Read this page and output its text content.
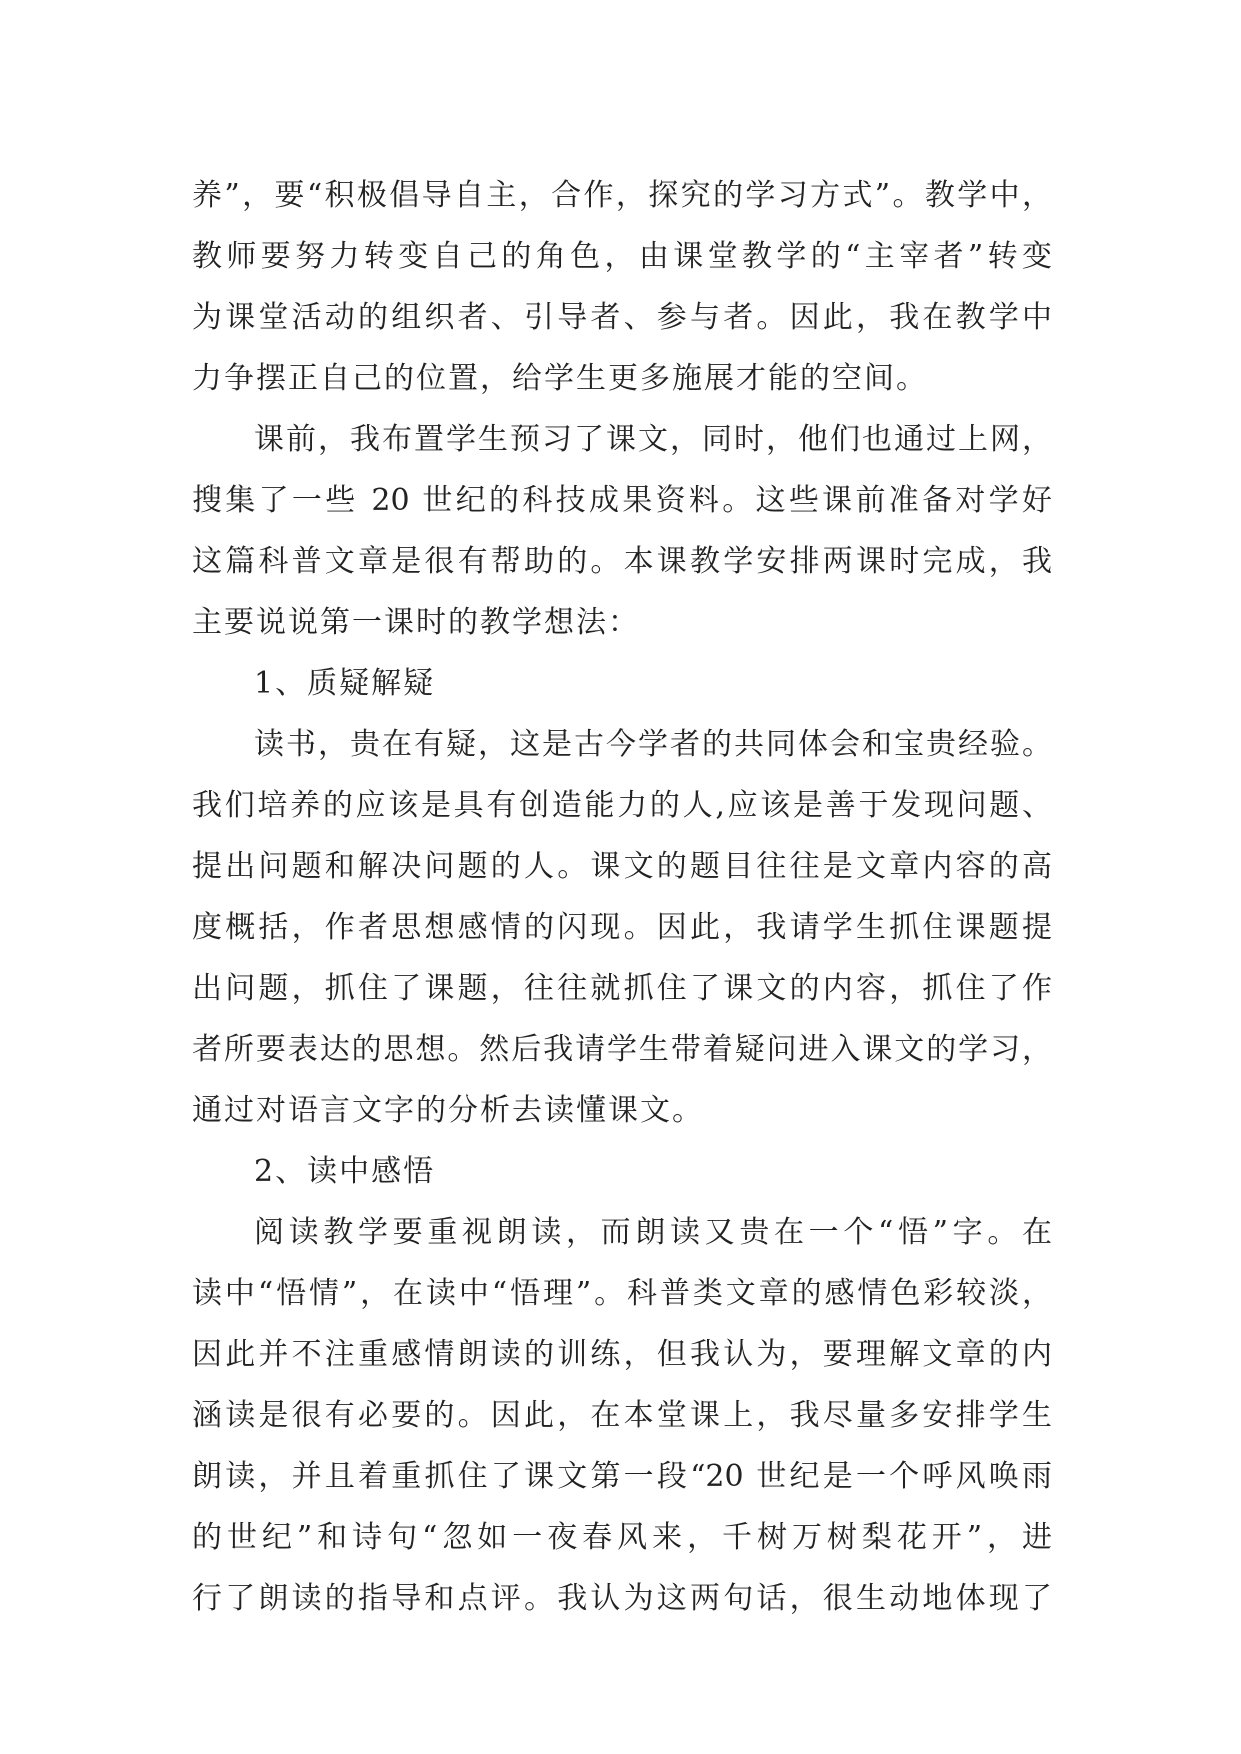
养”，要“积极倡导自主，合作，探究的学习方式”。教学中，
教师要努力转变自己的角色，由课堂教学的“主宰者”转变
为课堂活动的组织者、引导者、参与者。因此，我在教学中
力争摆正自己的位置，给学生更多施展才能的空间。
课前，我布置学生预习了课文，同时，他们也通过上网，
搜集了一些 20 世纪的科技成果资料。这些课前准备对学好
这篇科普文章是很有帮助的。本课教学安排两课时完成，我
主要说说第一课时的教学想法：
1、质疑解疑
读书，贵在有疑，这是古今学者的共同体会和宝贵经验。
我们培养的应该是具有创造能力的人,应该是善于发现问题、
提出问题和解决问题的人。课文的题目往往是文章内容的高
度概括，作者思想感情的闪现。因此，我请学生抓住课题提
出问题，抓住了课题，往往就抓住了课文的内容，抓住了作
者所要表达的思想。然后我请学生带着疑问进入课文的学习，
通过对语言文字的分析去读懂课文。
2、读中感悟
阅读教学要重视朗读，而朗读又贵在一个“悟”字。在
读中“悟情”，在读中“悟理”。科普类文章的感情色彩较淡，
因此并不注重感情朗读的训练，但我认为，要理解文章的内
涵读是很有必要的。因此，在本堂课上，我尽量多安排学生
朗读，并且着重抓住了课文第一段“20 世纪是一个呼风唤雨
的世纪”和诗句“忽如一夜春风来，千树万树梨花开”，进
行了朗读的指导和点评。我认为这两句话，很生动地体现了
